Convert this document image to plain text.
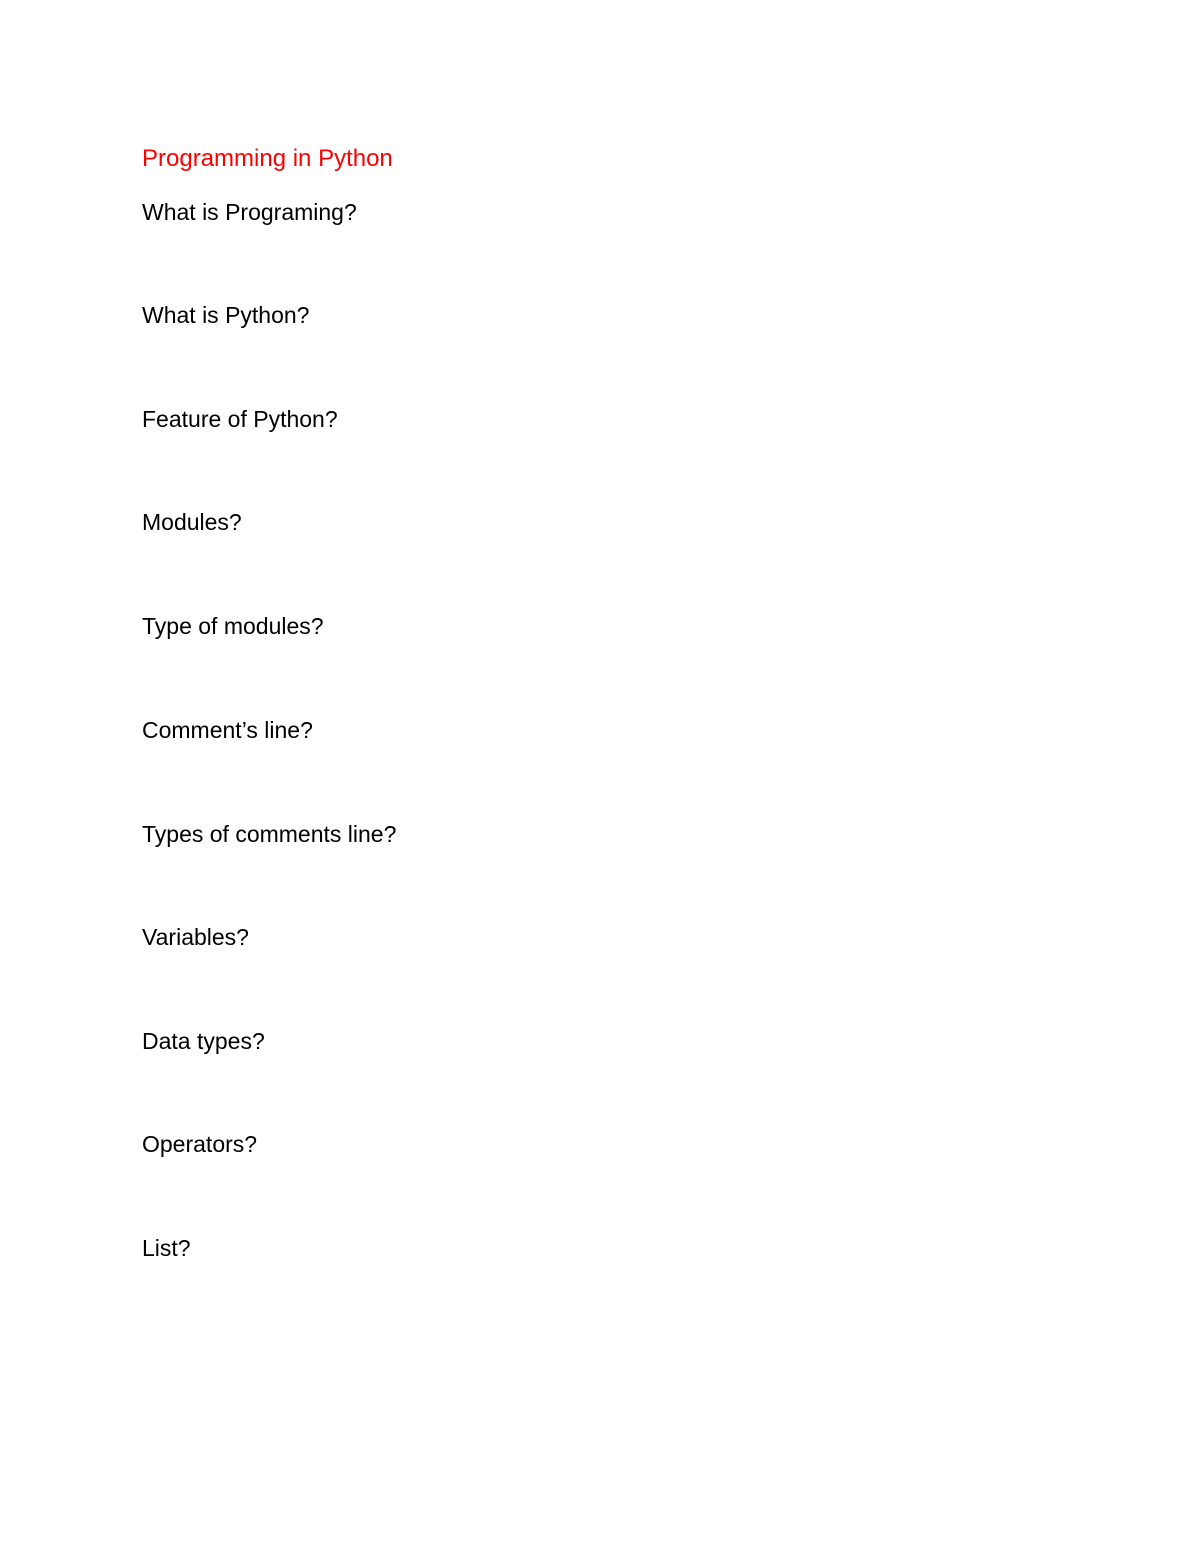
Programming in Python
What is Programing?
What is Python?
Feature of Python?
Modules?
Type of modules?
Comment’s line?
Types of comments line?
Variables?
Data types?
Operators?
List?
